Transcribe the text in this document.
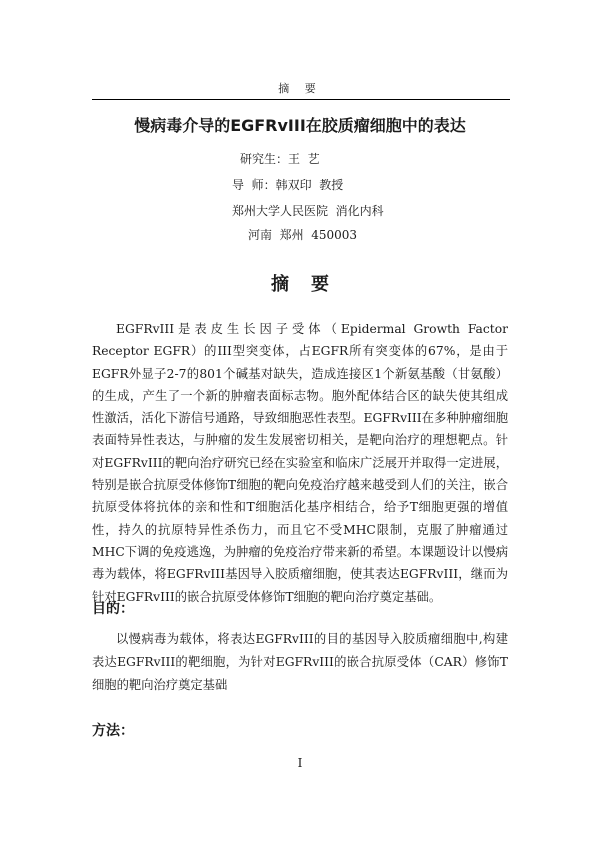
摘 要
慢病毒介导的EGFRvIII在胶质瘤细胞中的表达
研究生：王  艺
导  师：韩双印  教授
郑州大学人民医院  消化内科
河南  郑州  450003
摘要

EGFRvIII是表皮生长因子受体（Epidermal Growth Factor Receptor EGFR）的III型突变体，占EGFR所有突变体的67%，是由于EGFR外显子2-7的801个碱基对缺失，造成连接区1个新氨基酸（甘氨酸）的生成，产生了一个新的肿瘤表面标志物。胞外配体结合区的缺失使其组成性激活，活化下游信号通路，导致细胞恶性表型。EGFRvIII在多种肿瘤细胞表面特异性表达，与肿瘤的发生发展密切相关，是靶向治疗的理想靶点。针对EGFRvIII的靶向治疗研究已经在实验室和临床广泛展开并取得一定进展，特别是嵌合抗原受体修饰T细胞的靶向免疫治疗越来越受到人们的关注，嵌合抗原受体将抗体的亲和性和T细胞活化基序相结合，给予T细胞更强的增值性，持久的抗原特异性杀伤力，而且它不受MHC限制，克服了肿瘤通过MHC下调的免疫逃逸，为肿瘤的免疫治疗带来新的希望。本课题设计以慢病毒为载体，将EGFRvIII基因导入胶质瘤细胞，使其表达EGFRvIII，继而为针对EGFRvIII的嵌合抗原受体修饰T细胞的靶向治疗奠定基础。

目的：

以慢病毒为载体，将表达EGFRvIII的目的基因导入胶质瘤细胞中,构建表达EGFRvIII的靶细胞，为针对EGFRvIII的嵌合抗原受体（CAR）修饰T细胞的靶向治疗奠定基础

方法：
I
